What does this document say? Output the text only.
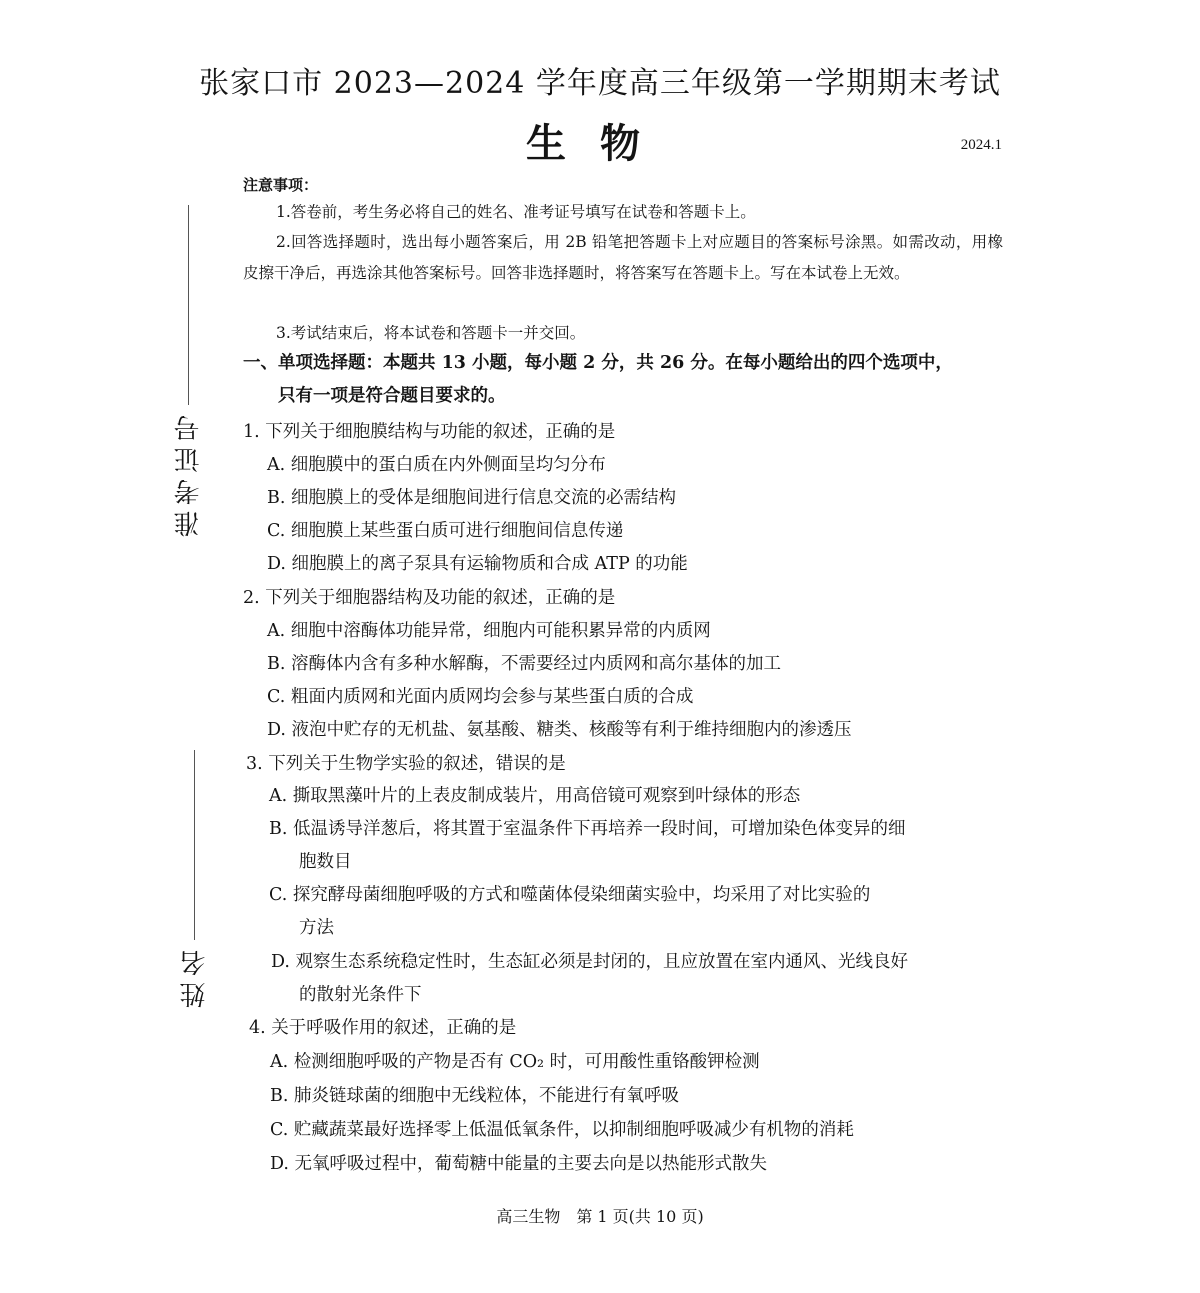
张家口市 2023—2024 学年度高三年级第一学期期末考试
生物	2024.1
准考证号
姓名
注意事项：
1.答卷前，考生务必将自己的姓名、准考证号填写在试卷和答题卡上。
2.回答选择题时，选出每小题答案后，用 2B 铅笔把答题卡上对应题目的答案标号涂黑。如需改动，用橡皮擦干净后，再选涂其他答案标号。回答非选择题时，将答案写在答题卡上。写在本试卷上无效。
3.考试结束后，将本试卷和答题卡一并交回。
一、单项选择题：本题共 13 小题，每小题 2 分，共 26 分。在每小题给出的四个选项中，
只有一项是符合题目要求的。
1. 下列关于细胞膜结构与功能的叙述，正确的是
A. 细胞膜中的蛋白质在内外侧面呈均匀分布
B. 细胞膜上的受体是细胞间进行信息交流的必需结构
C. 细胞膜上某些蛋白质可进行细胞间信息传递
D. 细胞膜上的离子泵具有运输物质和合成 ATP 的功能
2. 下列关于细胞器结构及功能的叙述，正确的是
A. 细胞中溶酶体功能异常，细胞内可能积累异常的内质网
B. 溶酶体内含有多种水解酶，不需要经过内质网和高尔基体的加工
C. 粗面内质网和光面内质网均会参与某些蛋白质的合成
D. 液泡中贮存的无机盐、氨基酸、糖类、核酸等有利于维持细胞内的渗透压
3. 下列关于生物学实验的叙述，错误的是
A. 撕取黑藻叶片的上表皮制成装片，用高倍镜可观察到叶绿体的形态
B. 低温诱导洋葱后，将其置于室温条件下再培养一段时间，可增加染色体变异的细
胞数目
C. 探究酵母菌细胞呼吸的方式和噬菌体侵染细菌实验中，均采用了对比实验的
方法
D. 观察生态系统稳定性时，生态缸必须是封闭的，且应放置在室内通风、光线良好
的散射光条件下
4. 关于呼吸作用的叙述，正确的是
A. 检测细胞呼吸的产物是否有 CO₂ 时，可用酸性重铬酸钾检测
B. 肺炎链球菌的细胞中无线粒体，不能进行有氧呼吸
C. 贮藏蔬菜最好选择零上低温低氧条件，以抑制细胞呼吸减少有机物的消耗
D. 无氧呼吸过程中，葡萄糖中能量的主要去向是以热能形式散失
高三生物　第 1 页(共 10 页)
